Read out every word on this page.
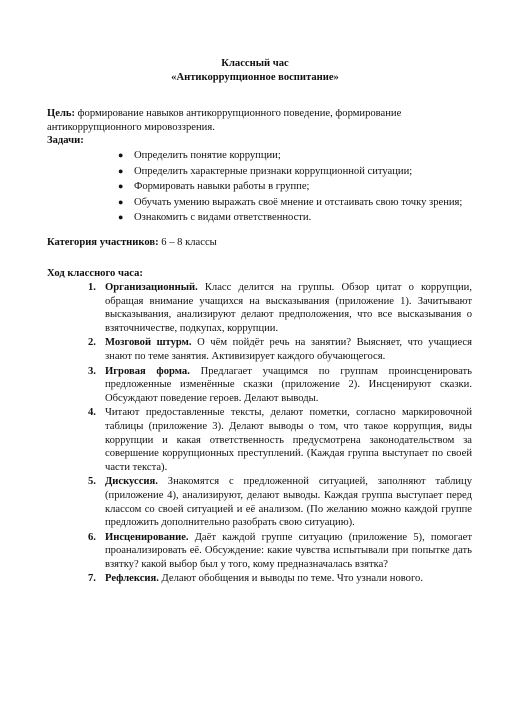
Классный час
«Антикоррупционное воспитание»
Цель: формирование навыков антикоррупционного поведение, формирование антикоррупционного мировоззрения.
Задачи:
● Определить понятие коррупции;
● Определить характерные признаки коррупционной ситуации;
● Формировать навыки работы в группе;
● Обучать умению выражать своё мнение и отстаивать свою точку зрения;
● Ознакомить с видами ответственности.
Категория участников: 6 – 8 классы
Ход классного часа:
1. Организационный. Класс делится на группы. Обзор цитат о коррупции, обращая внимание учащихся на высказывания (приложение 1). Зачитывают высказывания, анализируют делают предположения, что все высказывания о взяточничестве, подкупах, коррупции.
2. Мозговой штурм. О чём пойдёт речь на занятии? Выясняет, что учащиеся знают по теме занятия. Активизирует каждого обучающегося.
3. Игровая форма. Предлагает учащимся по группам проинсценировать предложенные изменённые сказки (приложение 2). Инсценируют сказки. Обсуждают поведение героев. Делают выводы.
4. Читают предоставленные тексты, делают пометки, согласно маркировочной таблицы (приложение 3). Делают выводы о том, что такое коррупция, виды коррупции и какая ответственность предусмотрена законодательством за совершение коррупционных преступлений. (Каждая группа выступает по своей части текста).
5. Дискуссия. Знакомятся с предложенной ситуацией, заполняют таблицу (приложение 4), анализируют, делают выводы. Каждая группа выступает перед классом со своей ситуацией и её анализом. (По желанию можно каждой группе предложить дополнительно разобрать свою ситуацию).
6. Инсценирование. Даёт каждой группе ситуацию (приложение 5), помогает проанализировать её. Обсуждение: какие чувства испытывали при попытке дать взятку? какой выбор был у того, кому предназначалась взятка?
7. Рефлексия. Делают обобщения и выводы по теме. Что узнали нового.
